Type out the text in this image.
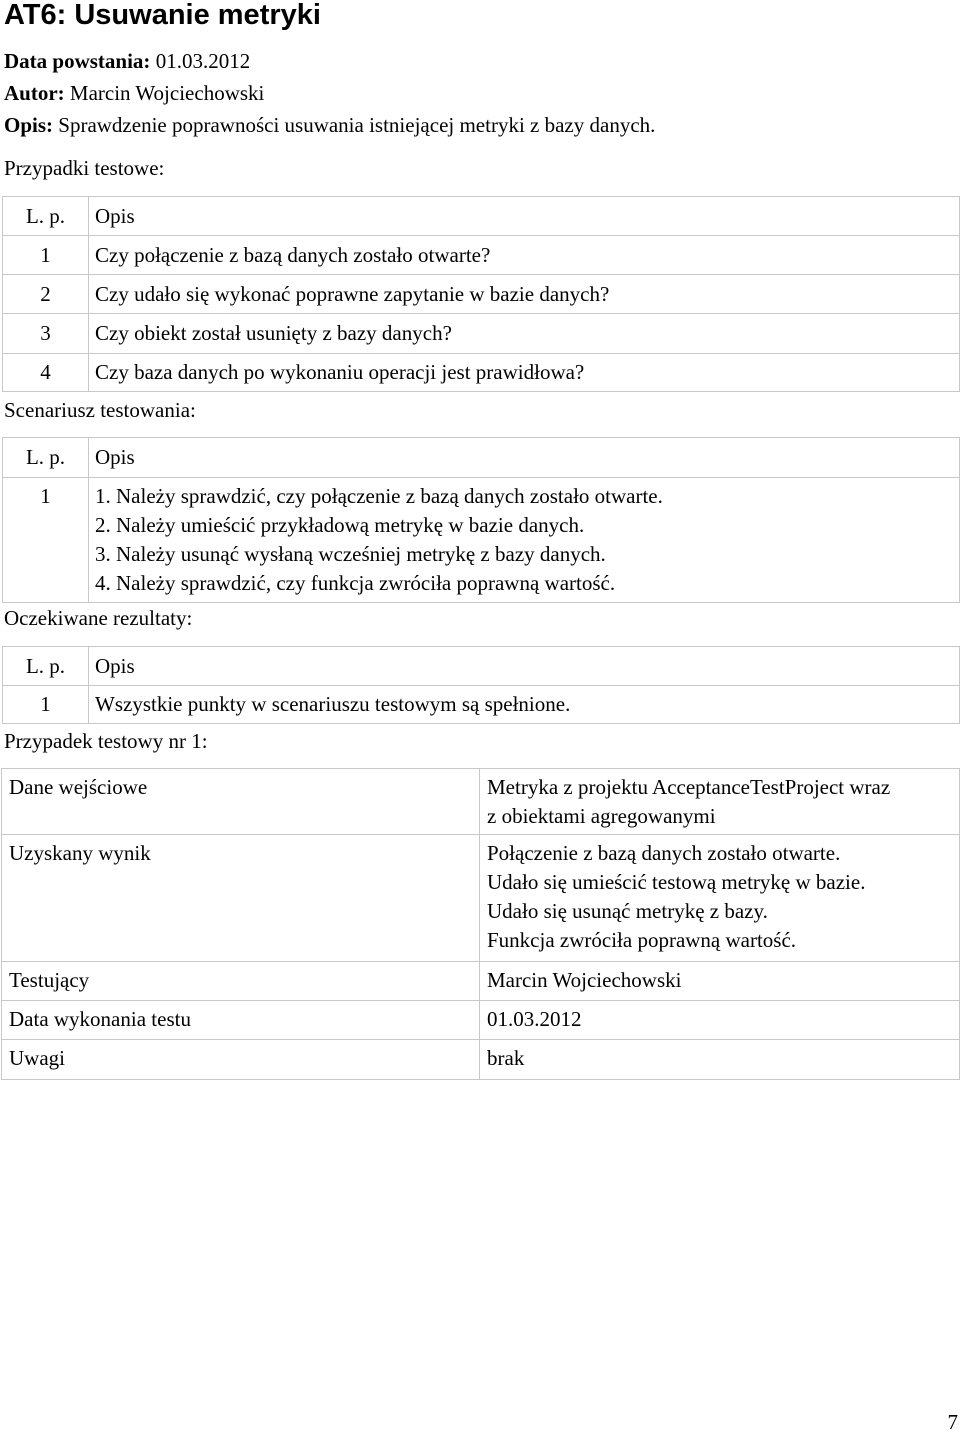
AT6: Usuwanie metryki
Data powstania: 01.03.2012
Autor: Marcin Wojciechowski
Opis: Sprawdzenie poprawności usuwania istniejącej metryki z bazy danych.
Przypadki testowe:
L. p.	Opis
1	Czy połączenie z bazą danych zostało otwarte?
2	Czy udało się wykonać poprawne zapytanie w bazie danych?
3	Czy obiekt został usunięty z bazy danych?
4	Czy baza danych po wykonaniu operacji jest prawidłowa?
Scenariusz testowania:
L. p.	Opis
1	1. Należy sprawdzić, czy połączenie z bazą danych zostało otwarte.
2. Należy umieścić przykładową metrykę w bazie danych.
3. Należy usunąć wysłaną wcześniej metrykę z bazy danych.
4. Należy sprawdzić, czy funkcja zwróciła poprawną wartość.
Oczekiwane rezultaty:
L. p.	Opis
1	Wszystkie punkty w scenariuszu testowym są spełnione.
Przypadek testowy nr 1:
Dane wejściowe	Metryka z projektu AcceptanceTestProject wraz
z obiektami agregowanymi

Uzyskany wynik	Połączenie z bazą danych zostało otwarte.
Udało się umieścić testową metrykę w bazie.
Udało się usunąć metrykę z bazy.
Funkcja zwróciła poprawną wartość.

Testujący	Marcin Wojciechowski
Data wykonania testu	01.03.2012
Uwagi	brak
7
